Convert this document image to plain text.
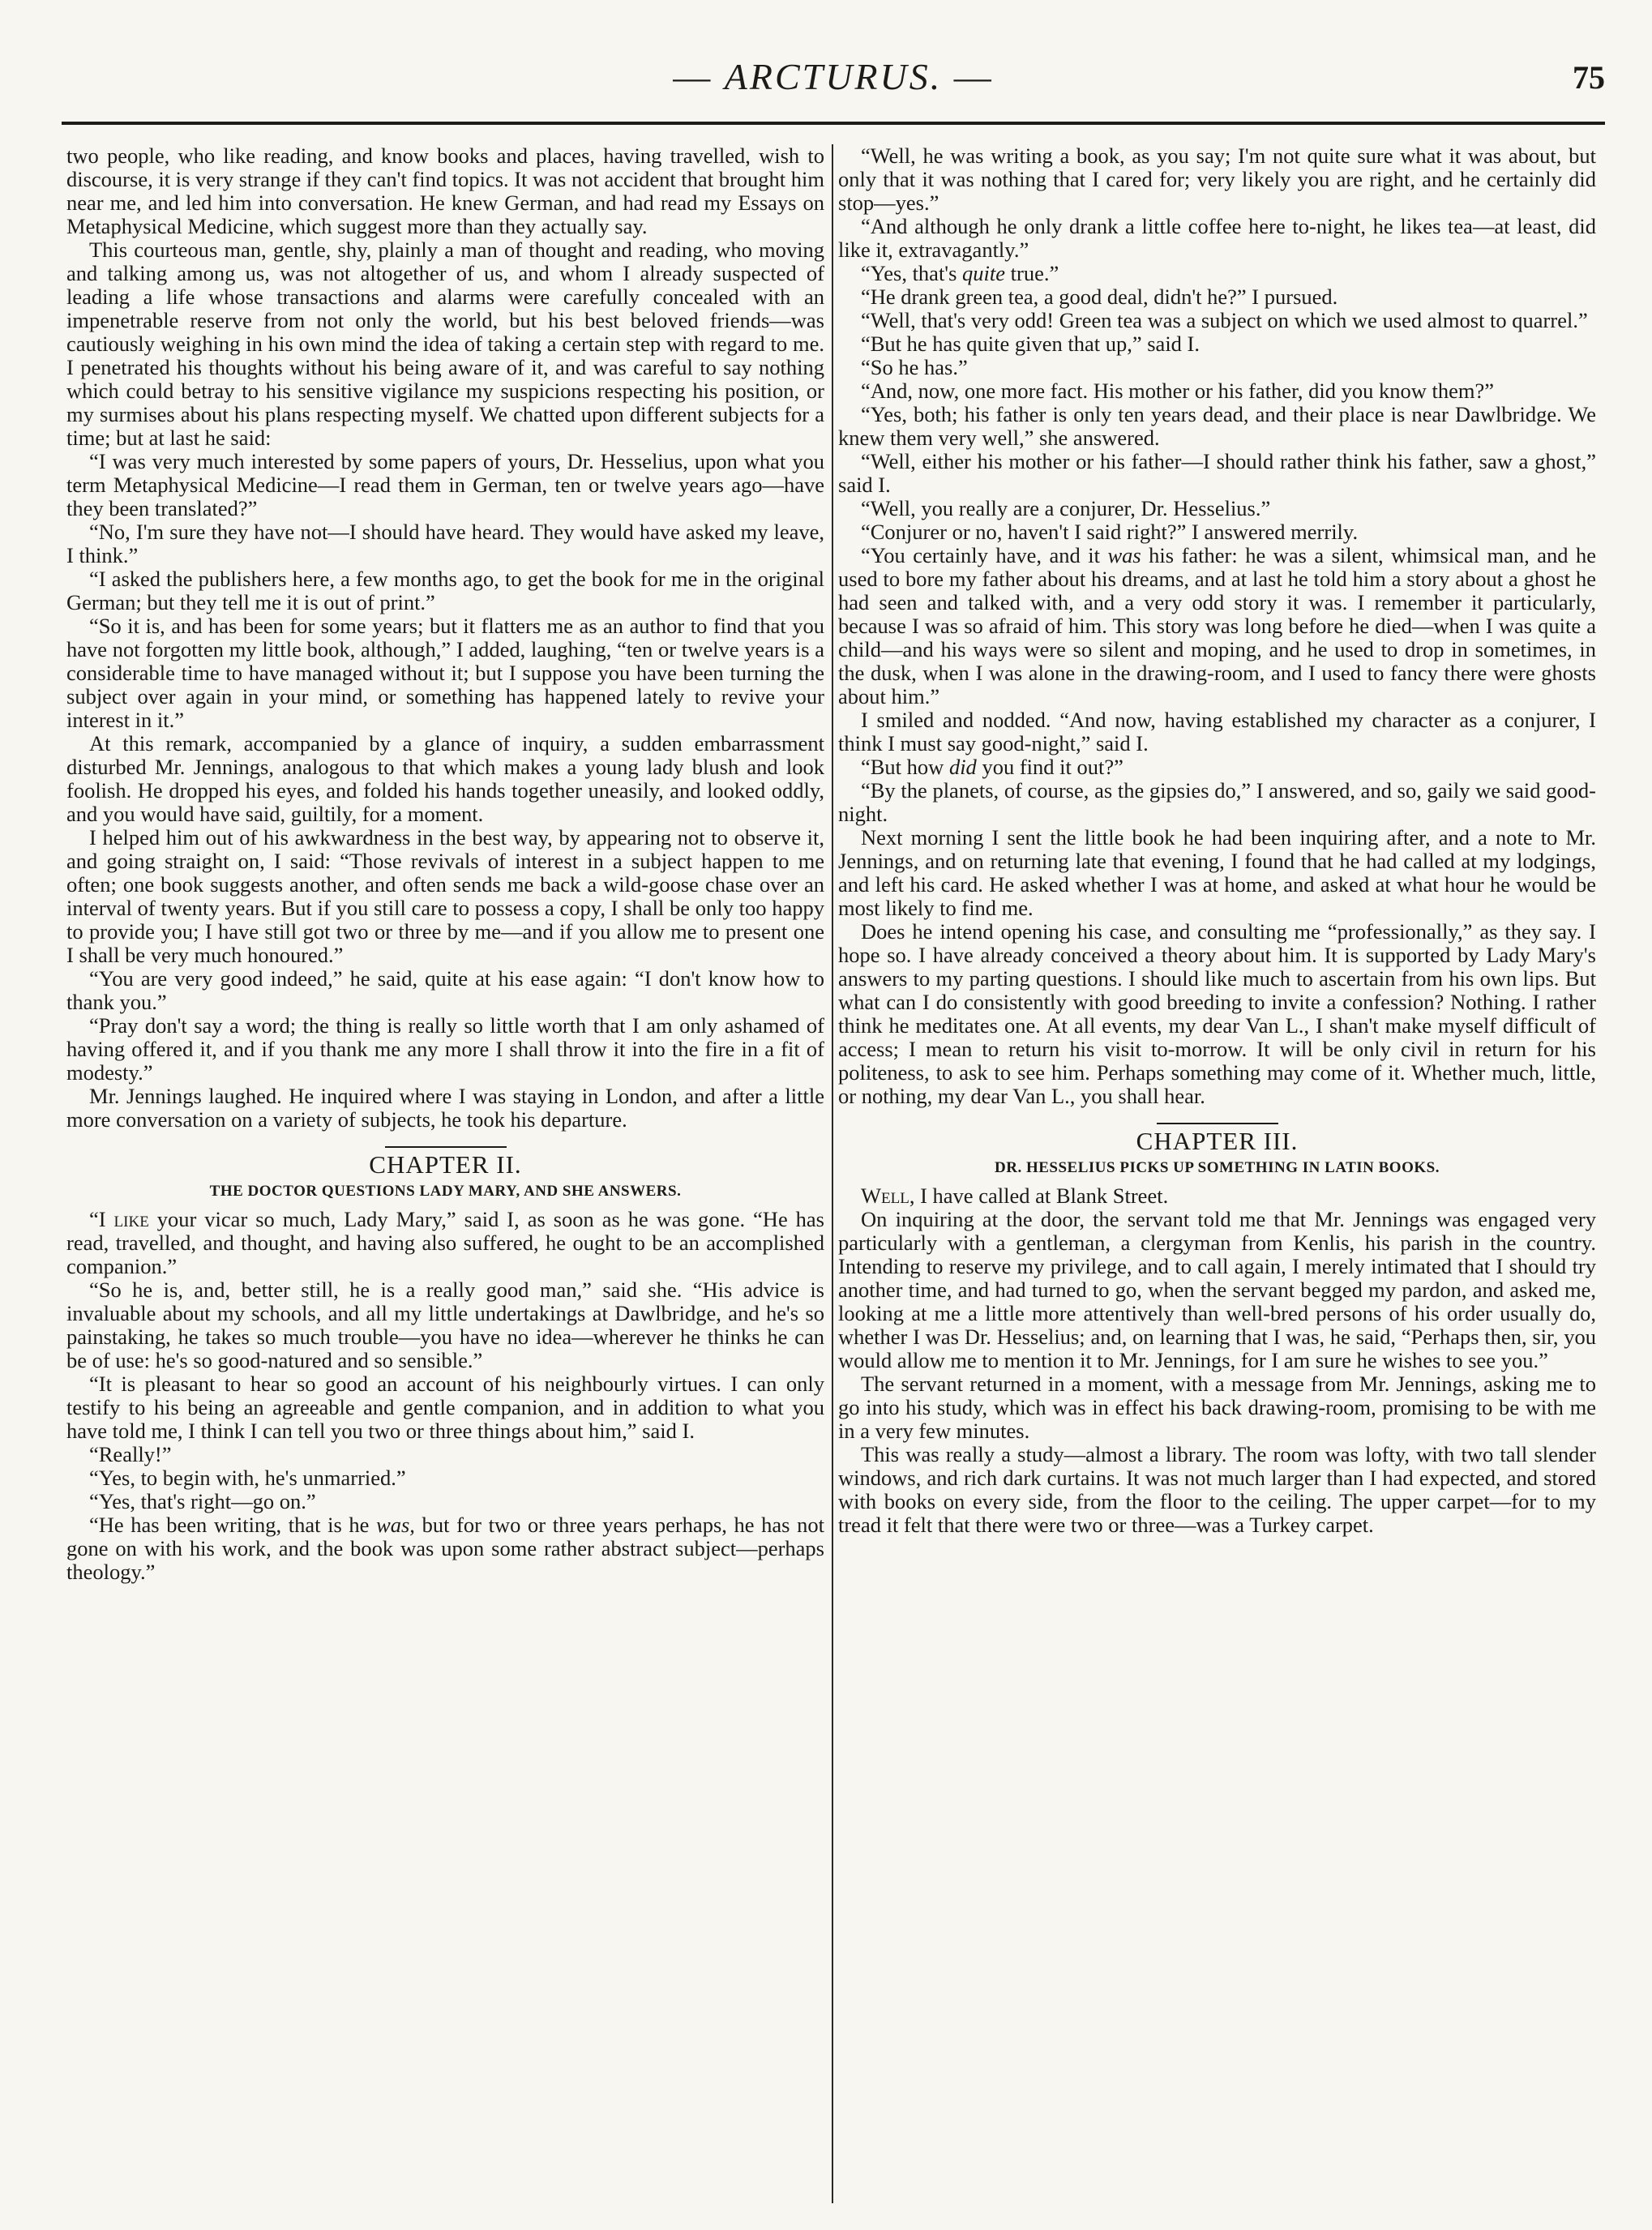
— ARCTURUS. —	75

two people, who like reading, and know books and places, having travelled, wish to discourse, it is very strange if they can't find topics. It was not accident that brought him near me, and led him into conversation. He knew German, and had read my Essays on Metaphysical Medicine, which suggest more than they actually say.

This courteous man, gentle, shy, plainly a man of thought and reading, who moving and talking among us, was not altogether of us, and whom I already suspected of leading a life whose transactions and alarms were carefully concealed with an impenetrable reserve from not only the world, but his best beloved friends—was cautiously weighing in his own mind the idea of taking a certain step with regard to me. I penetrated his thoughts without his being aware of it, and was careful to say nothing which could betray to his sensitive vigilance my suspicions respecting his position, or my surmises about his plans respecting myself. We chatted upon different subjects for a time; but at last he said:

“I was very much interested by some papers of yours, Dr. Hesselius, upon what you term Metaphysical Medicine—I read them in German, ten or twelve years ago—have they been translated?”

“No, I'm sure they have not—I should have heard. They would have asked my leave, I think.”

“I asked the publishers here, a few months ago, to get the book for me in the original German; but they tell me it is out of print.”

“So it is, and has been for some years; but it flatters me as an author to find that you have not forgotten my little book, although,” I added, laughing, “ten or twelve years is a considerable time to have managed without it; but I suppose you have been turning the subject over again in your mind, or something has happened lately to revive your interest in it.”

At this remark, accompanied by a glance of inquiry, a sudden embarrassment disturbed Mr. Jennings, analogous to that which makes a young lady blush and look foolish. He dropped his eyes, and folded his hands together uneasily, and looked oddly, and you would have said, guiltily, for a moment.

I helped him out of his awkwardness in the best way, by appearing not to observe it, and going straight on, I said: “Those revivals of interest in a subject happen to me often; one book suggests another, and often sends me back a wild-goose chase over an interval of twenty years. But if you still care to possess a copy, I shall be only too happy to provide you; I have still got two or three by me—and if you allow me to present one I shall be very much honoured.”

“You are very good indeed,” he said, quite at his ease again: “I don't know how to thank you.”

“Pray don't say a word; the thing is really so little worth that I am only ashamed of having offered it, and if you thank me any more I shall throw it into the fire in a fit of modesty.”

Mr. Jennings laughed. He inquired where I was staying in London, and after a little more conversation on a variety of subjects, he took his departure.

CHAPTER II.
THE DOCTOR QUESTIONS LADY MARY, AND SHE ANSWERS.

“I like your vicar so much, Lady Mary,” said I, as soon as he was gone. “He has read, travelled, and thought, and having also suffered, he ought to be an accomplished companion.”

“So he is, and, better still, he is a really good man,” said she. “His advice is invaluable about my schools, and all my little undertakings at Dawlbridge, and he's so painstaking, he takes so much trouble—you have no idea—wherever he thinks he can be of use: he's so good-natured and so sensible.”

“It is pleasant to hear so good an account of his neighbourly virtues. I can only testify to his being an agreeable and gentle companion, and in addition to what you have told me, I think I can tell you two or three things about him,” said I.

“Really!”

“Yes, to begin with, he's unmarried.”

“Yes, that's right—go on.”

“He has been writing, that is he was, but for two or three years perhaps, he has not gone on with his work, and the book was upon some rather abstract subject—perhaps theology.”

“Well, he was writing a book, as you say; I'm not quite sure what it was about, but only that it was nothing that I cared for; very likely you are right, and he certainly did stop—yes.”

“And although he only drank a little coffee here to-night, he likes tea—at least, did like it, extravagantly.”

“Yes, that's quite true.”

“He drank green tea, a good deal, didn't he?” I pursued.

“Well, that's very odd! Green tea was a subject on which we used almost to quarrel.”

“But he has quite given that up,” said I.

“So he has.”

“And, now, one more fact. His mother or his father, did you know them?”

“Yes, both; his father is only ten years dead, and their place is near Dawlbridge. We knew them very well,” she answered.

“Well, either his mother or his father—I should rather think his father, saw a ghost,” said I.

“Well, you really are a conjurer, Dr. Hesselius.”

“Conjurer or no, haven't I said right?” I answered merrily.

“You certainly have, and it was his father: he was a silent, whimsical man, and he used to bore my father about his dreams, and at last he told him a story about a ghost he had seen and talked with, and a very odd story it was. I remember it particularly, because I was so afraid of him. This story was long before he died—when I was quite a child—and his ways were so silent and moping, and he used to drop in sometimes, in the dusk, when I was alone in the drawing-room, and I used to fancy there were ghosts about him.”

I smiled and nodded. “And now, having established my character as a conjurer, I think I must say good-night,” said I.

“But how did you find it out?”

“By the planets, of course, as the gipsies do,” I answered, and so, gaily we said good-night.

Next morning I sent the little book he had been inquiring after, and a note to Mr. Jennings, and on returning late that evening, I found that he had called at my lodgings, and left his card. He asked whether I was at home, and asked at what hour he would be most likely to find me.

Does he intend opening his case, and consulting me “professionally,” as they say. I hope so. I have already conceived a theory about him. It is supported by Lady Mary's answers to my parting questions. I should like much to ascertain from his own lips. But what can I do consistently with good breeding to invite a confession? Nothing. I rather think he meditates one. At all events, my dear Van L., I shan't make myself difficult of access; I mean to return his visit to-morrow. It will be only civil in return for his politeness, to ask to see him. Perhaps something may come of it. Whether much, little, or nothing, my dear Van L., you shall hear.

CHAPTER III.
DR. HESSELIUS PICKS UP SOMETHING IN LATIN BOOKS.

Well, I have called at Blank Street.

On inquiring at the door, the servant told me that Mr. Jennings was engaged very particularly with a gentleman, a clergyman from Kenlis, his parish in the country. Intending to reserve my privilege, and to call again, I merely intimated that I should try another time, and had turned to go, when the servant begged my pardon, and asked me, looking at me a little more attentively than well-bred persons of his order usually do, whether I was Dr. Hesselius; and, on learning that I was, he said, “Perhaps then, sir, you would allow me to mention it to Mr. Jennings, for I am sure he wishes to see you.”

The servant returned in a moment, with a message from Mr. Jennings, asking me to go into his study, which was in effect his back drawing-room, promising to be with me in a very few minutes.

This was really a study—almost a library. The room was lofty, with two tall slender windows, and rich dark curtains. It was not much larger than I had expected, and stored with books on every side, from the floor to the ceiling. The upper carpet—for to my tread it felt that there were two or three—was a Turkey carpet.
